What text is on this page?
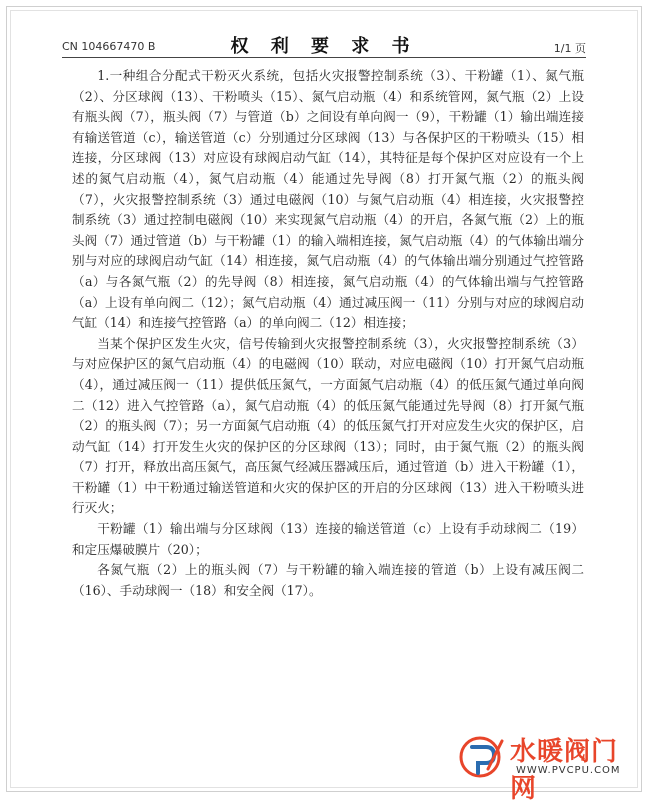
CN 104667470 B	权 利 要 求 书	1/1 页

1.一种组合分配式干粉灭火系统，包括火灾报警控制系统（3）、干粉罐（1）、氮气瓶（2）、分区球阀（13）、干粉喷头（15）、氮气启动瓶（4）和系统管网，氮气瓶（2）上设有瓶头阀（7），瓶头阀（7）与管道（b）之间设有单向阀一（9），干粉罐（1）输出端连接有输送管道（c），输送管道（c）分别通过分区球阀（13）与各保护区的干粉喷头（15）相连接，分区球阀（13）对应设有球阀启动气缸（14），其特征是每个保护区对应设有一个上述的氮气启动瓶（4），氮气启动瓶（4）能通过先导阀（8）打开氮气瓶（2）的瓶头阀（7），火灾报警控制系统（3）通过电磁阀（10）与氮气启动瓶（4）相连接，火灾报警控制系统（3）通过控制电磁阀（10）来实现氮气启动瓶（4）的开启，各氮气瓶（2）上的瓶头阀（7）通过管道（b）与干粉罐（1）的输入端相连接，氮气启动瓶（4）的气体输出端分别与对应的球阀启动气缸（14）相连接，氮气启动瓶（4）的气体输出端分别通过气控管路（a）与各氮气瓶（2）的先导阀（8）相连接，氮气启动瓶（4）的气体输出端与气控管路（a）上设有单向阀二（12）；氮气启动瓶（4）通过减压阀一（11）分别与对应的球阀启动气缸（14）和连接气控管路（a）的单向阀二（12）相连接；

当某个保护区发生火灾，信号传输到火灾报警控制系统（3），火灾报警控制系统（3）与对应保护区的氮气启动瓶（4）的电磁阀（10）联动，对应电磁阀（10）打开氮气启动瓶（4），通过减压阀一（11）提供低压氮气，一方面氮气启动瓶（4）的低压氮气通过单向阀二（12）进入气控管路（a），氮气启动瓶（4）的低压氮气能通过先导阀（8）打开氮气瓶（2）的瓶头阀（7）；另一方面氮气启动瓶（4）的低压氮气打开对应发生火灾的保护区，启动气缸（14）打开发生火灾的保护区的分区球阀（13）；同时，由于氮气瓶（2）的瓶头阀（7）打开，释放出高压氮气，高压氮气经减压器减压后，通过管道（b）进入干粉罐（1），干粉罐（1）中干粉通过输送管道和火灾的保护区的开启的分区球阀（13）进入干粉喷头进行灭火；

干粉罐（1）输出端与分区球阀（13）连接的输送管道（c）上设有手动球阀二（19）和定压爆破膜片（20）；

各氮气瓶（2）上的瓶头阀（7）与干粉罐的输入端连接的管道（b）上设有减压阀二（16）、手动球阀一（18）和安全阀（17）。

水暖阀门网
WWW.PVCPU.COM
